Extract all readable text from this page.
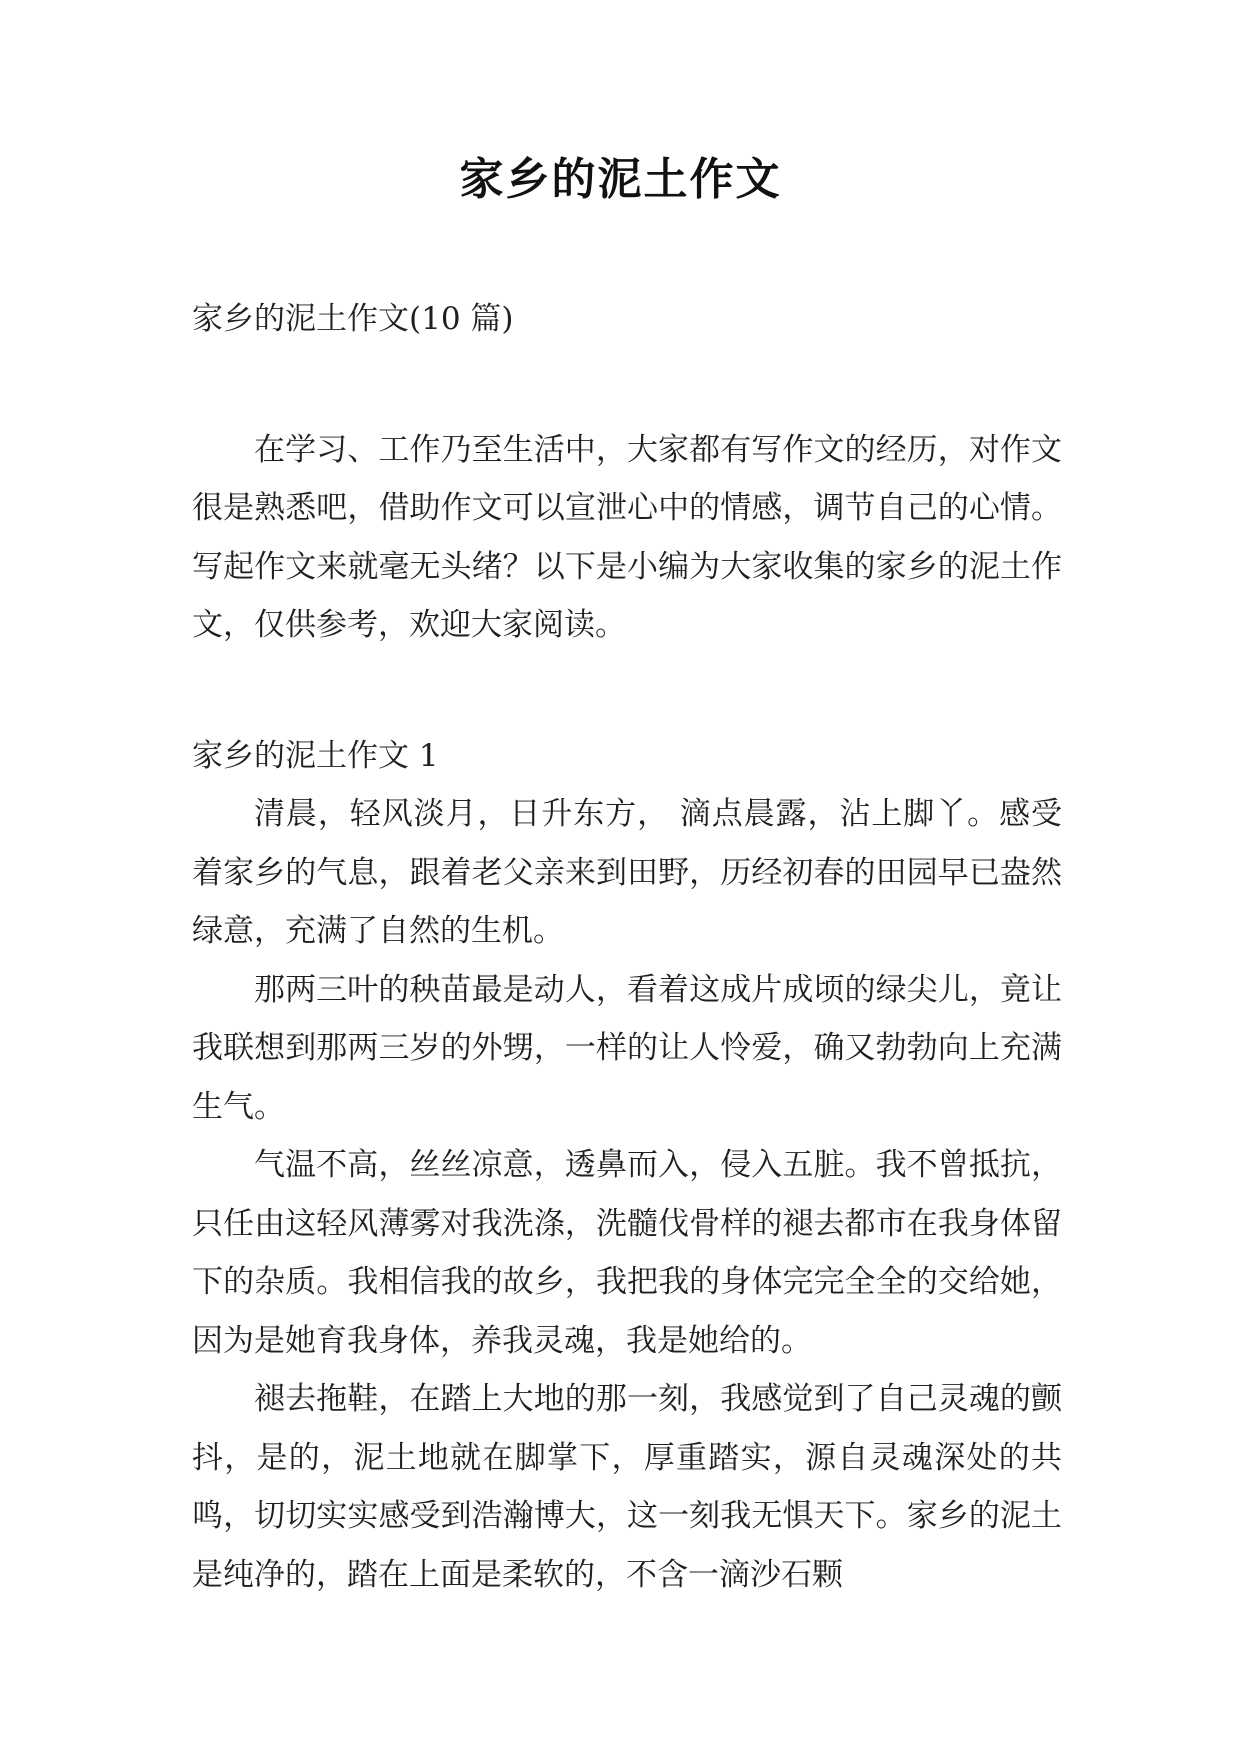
家乡的泥土作文

家乡的泥土作文(10 篇)

在学习、工作乃至生活中，大家都有写作文的经历，对作文很是熟悉吧，借助作文可以宣泄心中的情感，调节自己的心情。写起作文来就毫无头绪？以下是小编为大家收集的家乡的泥土作文，仅供参考，欢迎大家阅读。

家乡的泥土作文 1

清晨，轻风淡月，日升东方， 滴点晨露，沾上脚丫。感受着家乡的气息，跟着老父亲来到田野，历经初春的田园早已盎然绿意，充满了自然的生机。

那两三叶的秧苗最是动人，看着这成片成顷的绿尖儿，竟让我联想到那两三岁的外甥，一样的让人怜爱，确又勃勃向上充满生气。

气温不高，丝丝凉意，透鼻而入，侵入五脏。我不曾抵抗，只任由这轻风薄雾对我洗涤，洗髓伐骨样的褪去都市在我身体留下的杂质。我相信我的故乡，我把我的身体完完全全的交给她，因为是她育我身体，养我灵魂，我是她给的。

褪去拖鞋，在踏上大地的那一刻，我感觉到了自己灵魂的颤抖，是的，泥土地就在脚掌下，厚重踏实，源自灵魂深处的共鸣，切切实实感受到浩瀚博大，这一刻我无惧天下。家乡的泥土是纯净的，踏在上面是柔软的，不含一滴沙石颗
